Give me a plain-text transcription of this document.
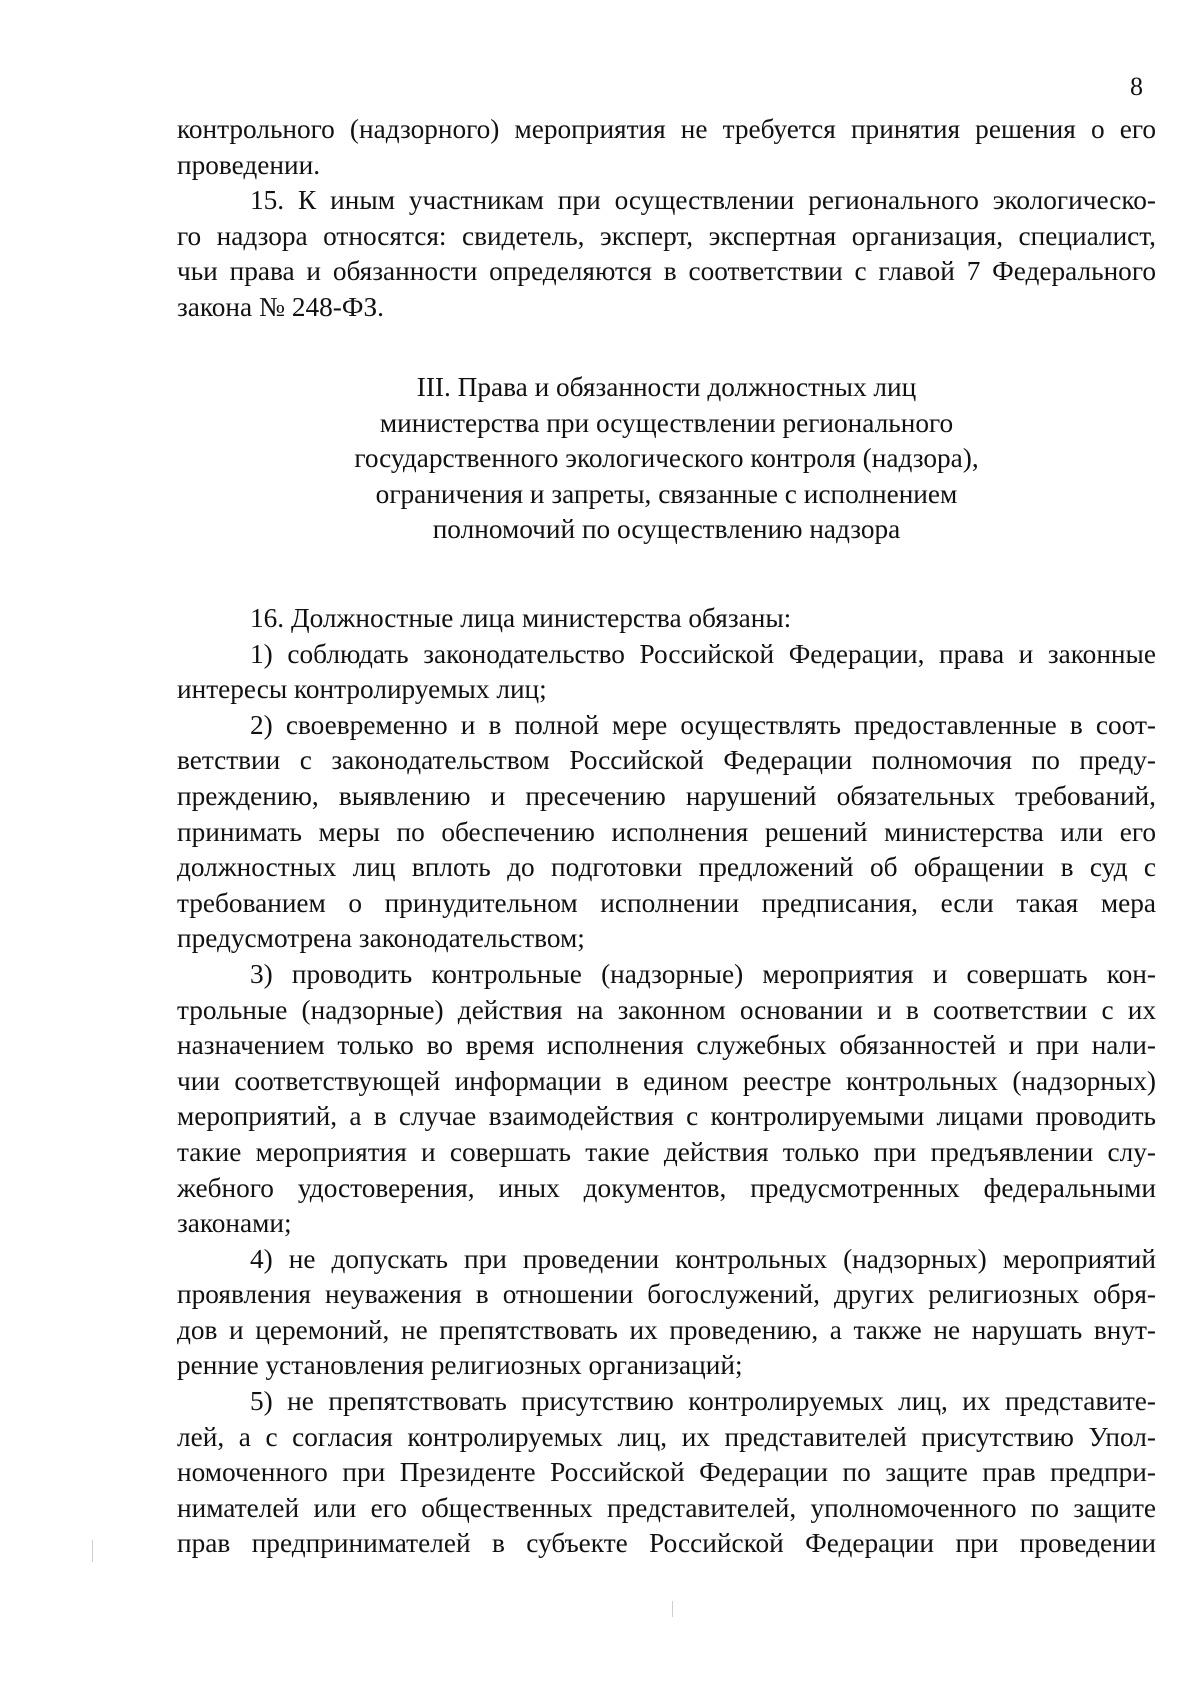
8
контрольного (надзорного) мероприятия не требуется принятия решения о его
проведении.
15. К иным участникам при осуществлении регионального экологическо-
го надзора относятся: свидетель, эксперт, экспертная организация, специалист,
чьи права и обязанности определяются в соответствии с главой 7 Федерального
закона № 248-ФЗ.
III. Права и обязанности должностных лиц
министерства при осуществлении регионального
государственного экологического контроля (надзора),
ограничения и запреты, связанные с исполнением
полномочий по осуществлению надзора
16. Должностные лица министерства обязаны:
1) соблюдать законодательство Российской Федерации, права и законные
интересы контролируемых лиц;
2) своевременно и в полной мере осуществлять предоставленные в соот-
ветствии с законодательством Российской Федерации полномочия по преду-
преждению, выявлению и пресечению нарушений обязательных требований,
принимать меры по обеспечению исполнения решений министерства или его
должностных лиц вплоть до подготовки предложений об обращении в суд с
требованием о принудительном исполнении предписания, если такая мера
предусмотрена законодательством;
3) проводить контрольные (надзорные) мероприятия и совершать кон-
трольные (надзорные) действия на законном основании и в соответствии с их
назначением только во время исполнения служебных обязанностей и при нали-
чии соответствующей информации в едином реестре контрольных (надзорных)
мероприятий, а в случае взаимодействия с контролируемыми лицами проводить
такие мероприятия и совершать такие действия только при предъявлении слу-
жебного удостоверения, иных документов, предусмотренных федеральными
законами;
4) не допускать при проведении контрольных (надзорных) мероприятий
проявления неуважения в отношении богослужений, других религиозных обря-
дов и церемоний, не препятствовать их проведению, а также не нарушать внут-
ренние установления религиозных организаций;
5) не препятствовать присутствию контролируемых лиц, их представите-
лей, а с согласия контролируемых лиц, их представителей присутствию Упол-
номоченного при Президенте Российской Федерации по защите прав предпри-
нимателей или его общественных представителей, уполномоченного по защите
прав предпринимателей в субъекте Российской Федерации при проведении
